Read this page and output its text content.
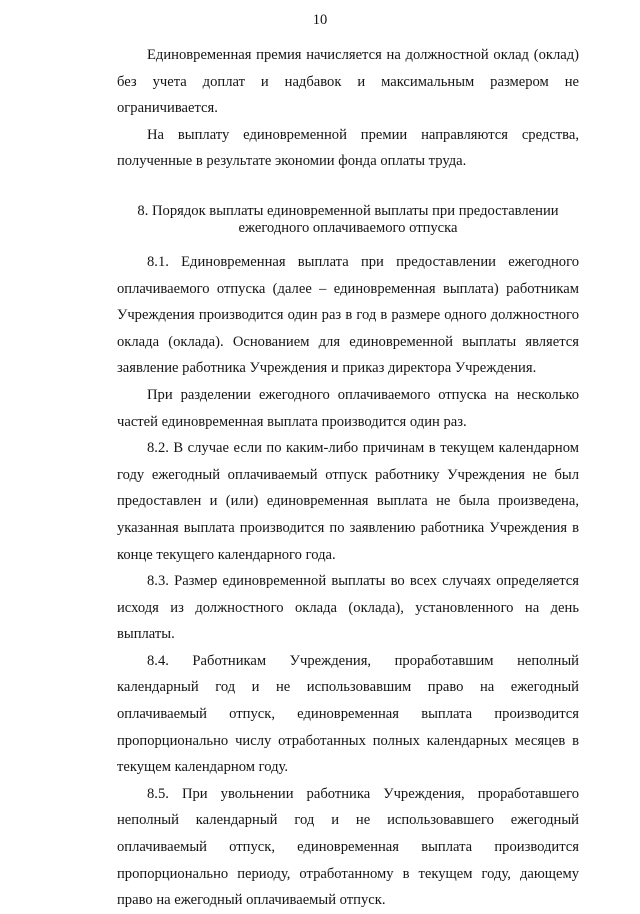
10

Единовременная премия начисляется на должностной оклад (оклад) без учета доплат и надбавок и максимальным размером не ограничивается.

На выплату единовременной премии направляются средства, полученные в результате экономии фонда оплаты труда.

8. Порядок выплаты единовременной выплаты при предоставлении
ежегодного оплачиваемого отпуска

8.1. Единовременная выплата при предоставлении ежегодного оплачиваемого отпуска (далее – единовременная выплата) работникам Учреждения производится один раз в год в размере одного должностного оклада (оклада). Основанием для единовременной выплаты является заявление работника Учреждения и приказ директора Учреждения.

При разделении ежегодного оплачиваемого отпуска на несколько частей единовременная выплата производится один раз.

8.2. В случае если по каким-либо причинам в текущем календарном году ежегодный оплачиваемый отпуск работнику Учреждения не был предоставлен и (или) единовременная выплата не была произведена, указанная выплата производится по заявлению работника Учреждения в конце текущего календарного года.

8.3. Размер единовременной выплаты во всех случаях определяется исходя из должностного оклада (оклада), установленного на день выплаты.

8.4. Работникам Учреждения, проработавшим неполный календарный год и не использовавшим право на ежегодный оплачиваемый отпуск, единовременная выплата производится пропорционально числу отработанных полных календарных месяцев в текущем календарном году.

8.5. При увольнении работника Учреждения, проработавшего неполный календарный год и не использовавшего ежегодный оплачиваемый отпуск, единовременная выплата производится пропорционально периоду, отработанному в текущем году, дающему право на ежегодный оплачиваемый отпуск.
